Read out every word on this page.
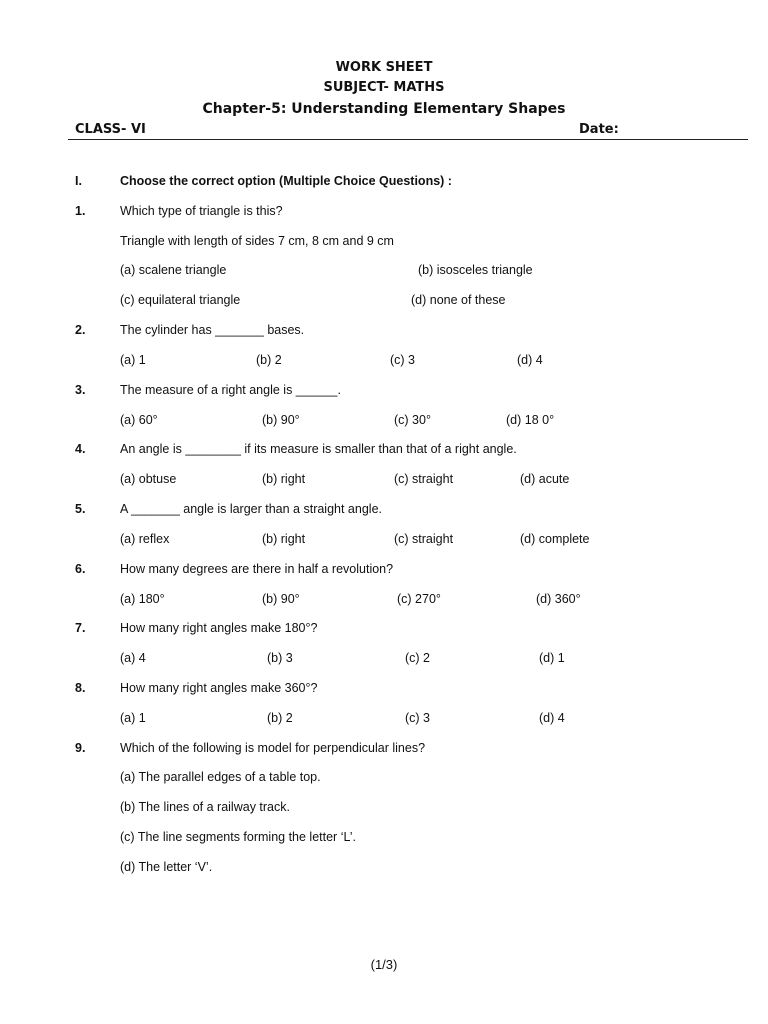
WORK SHEET
SUBJECT- MATHS
Chapter-5: Understanding Elementary Shapes
CLASS- VI	Date:
I.	Choose the correct option (Multiple Choice Questions) :
1.	Which type of triangle is this?
Triangle with length of sides 7 cm, 8 cm and 9 cm
(a) scalene triangle	(b) isosceles triangle
(c) equilateral triangle	(d) none of these
2.	The cylinder has _______ bases.
(a) 1	(b) 2	(c) 3	(d) 4
3.	The measure of a right angle is ______.
(a) 60°	(b) 90°	(c) 30°	(d) 18 0°
4.	An angle is ________ if its measure is smaller than that of a right angle.
(a) obtuse	(b) right	(c) straight	(d) acute
5.	A _______ angle is larger than a straight angle.
(a) reflex	(b) right	(c) straight	(d) complete
6.	How many degrees are there in half a revolution?
(a) 180°	(b) 90°	(c) 270°	(d) 360°
7.	How many right angles make 180°?
(a) 4	(b) 3	(c) 2	(d) 1
8.	How many right angles make 360°?
(a) 1	(b) 2	(c) 3	(d) 4
9.	Which of the following is model for perpendicular lines?
(a) The parallel edges of a table top.
(b) The lines of a railway track.
(c) The line segments forming the letter ‘L’.
(d) The letter ‘V’.
(1/3)
